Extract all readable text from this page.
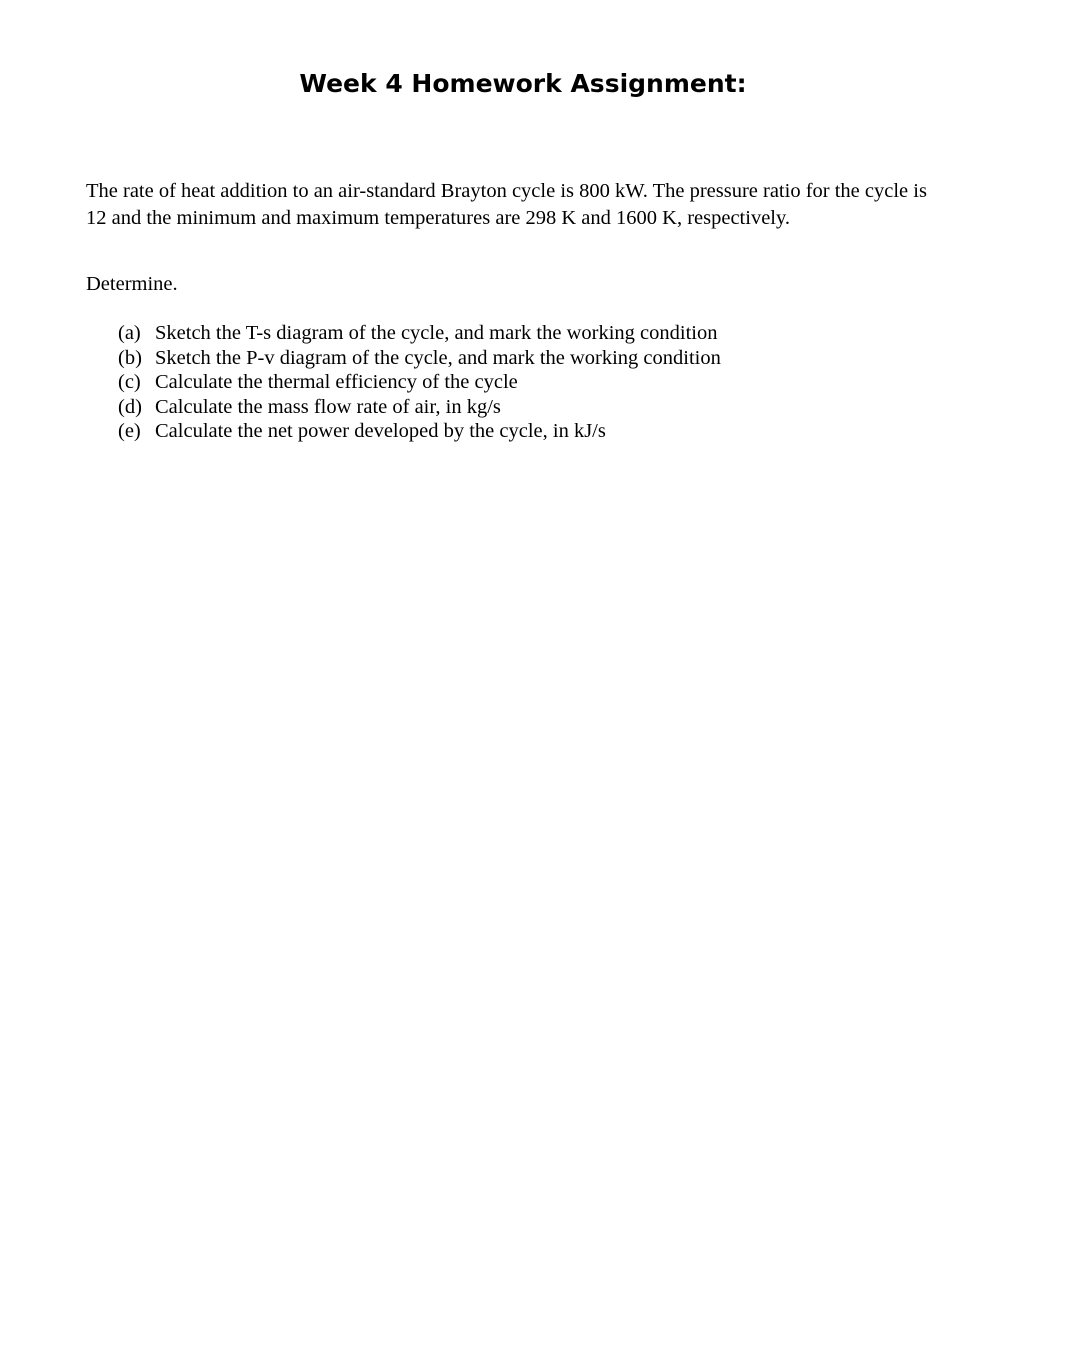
Week 4 Homework Assignment:

The rate of heat addition to an air-standard Brayton cycle is 800 kW. The pressure ratio for the cycle is
12 and the minimum and maximum temperatures are 298 K and 1600 K, respectively.

Determine.

(a) Sketch the T-s diagram of the cycle, and mark the working condition
(b) Sketch the P-v diagram of the cycle, and mark the working condition
(c) Calculate the thermal efficiency of the cycle
(d) Calculate the mass flow rate of air, in kg/s
(e) Calculate the net power developed by the cycle, in kJ/s
